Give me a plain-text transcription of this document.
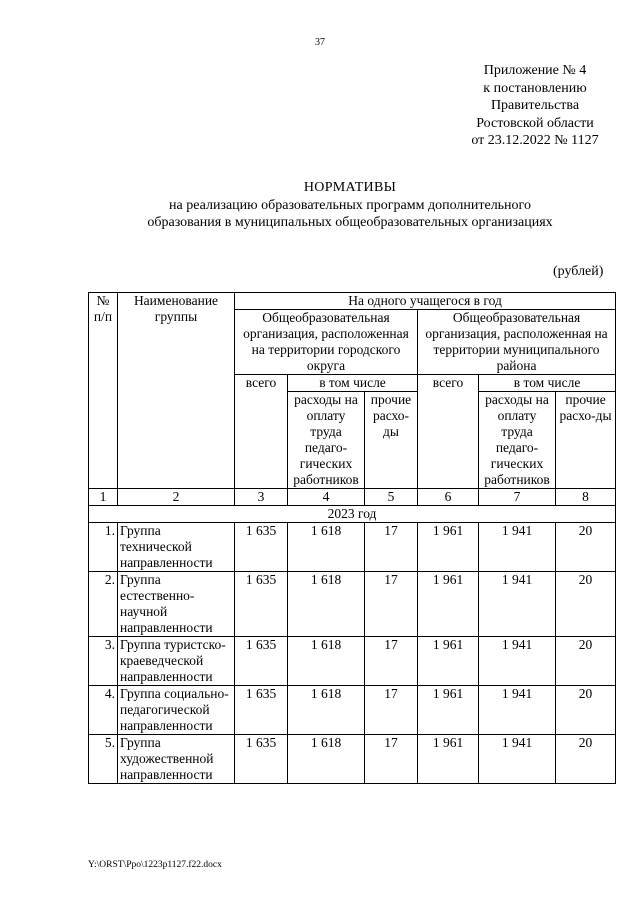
37
Приложение № 4
к постановлению
Правительства
Ростовской области
от 23.12.2022 № 1127
НОРМАТИВЫ
на реализацию образовательных программ дополнительного
образования в муниципальных общеобразовательных организациях
(рублей)
№ п/п	Наименование группы	На одного учащегося в год					
		Общеобразовательная организация, расположенная на территории городского округа			Общеобразовательная организация, расположенная на территории муниципального района		
		всего	в том числе		всего	в том числе	
			расходы на оплату труда педаго-гических работников	прочие расхо-ды		расходы на оплату труда педаго-гических работников	прочие расхо-ды
1	2	3	4	5	6	7	8
2023 год							
1.	Группа технической направленности	1 635	1 618	17	1 961	1 941	20
2.	Группа естественно-научной направленности	1 635	1 618	17	1 961	1 941	20
3.	Группа туристско-краеведческой направленности	1 635	1 618	17	1 961	1 941	20
4.	Группа социально-педагогической направленности	1 635	1 618	17	1 961	1 941	20
5.	Группа художественной направленности	1 635	1 618	17	1 961	1 941	20
Y:\ORST\Ppo\1223p1127.f22.docx
